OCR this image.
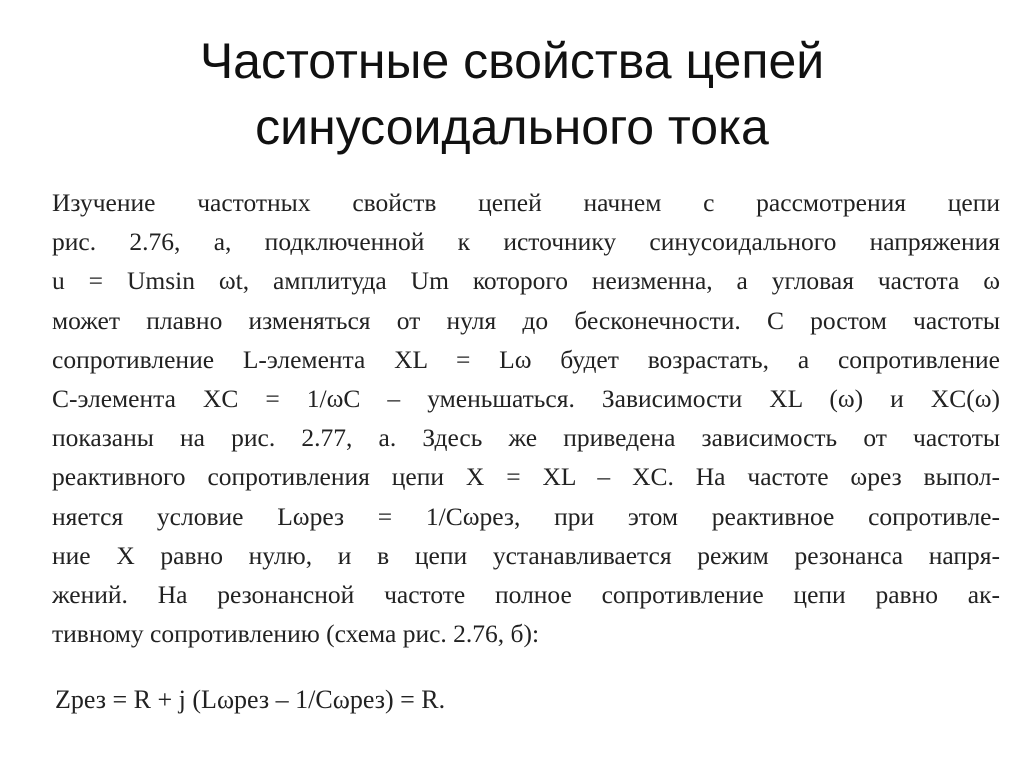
Частотные свойства цепей
синусоидального тока
Изучение частотных свойств цепей начнем с рассмотрения цепи
рис. 2.76, а, подключенной к источнику синусоидального напряжения
u = Umsin ωt, амплитуда Um которого неизменна, а угловая частота ω
может плавно изменяться от нуля до бесконечности. С ростом частоты
сопротивление L-элемента XL = Lω будет возрастать, а сопротивление
C-элемента XC = 1/ωC – уменьшаться. Зависимости XL (ω) и XC(ω)
показаны на рис. 2.77, а. Здесь же приведена зависимость от частоты
реактивного сопротивления цепи X = XL – XC. На частоте ωрез выпол-
няется условие Lωрез = 1/Cωрез, при этом реактивное сопротивле-
ние X равно нулю, и в цепи устанавливается режим резонанса напря-
жений. На резонансной частоте полное сопротивление цепи равно ак-
тивному сопротивлению (схема рис. 2.76, б):
Zрез = R + j (Lωрез – 1/Cωрез) = R.
